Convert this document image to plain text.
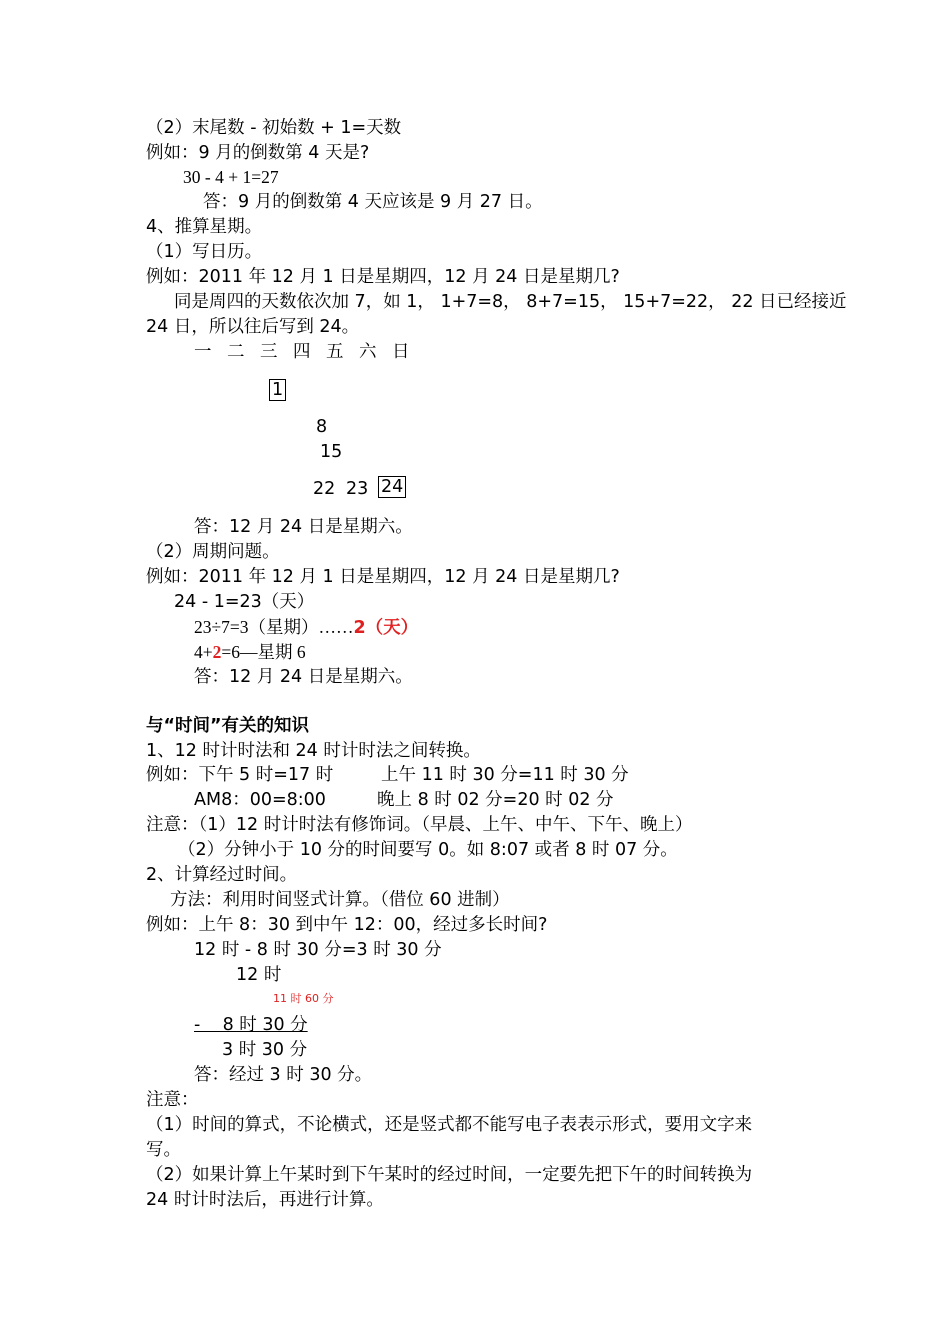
（2）末尾数 - 初始数 + 1=天数
例如：9 月的倒数第 4 天是?
30 - 4 + 1=27
答：9 月的倒数第 4 天应该是 9 月 27 日。
4、推算星期。
（1）写日历。
例如：2011 年 12 月 1 日是星期四，12 月 24 日是星期几?
同是周四的天数依次加 7，如 1， 1+7=8， 8+7=15， 15+7=22， 22 日已经接近
24 日，所以往后写到 24。
一 二 三 四 五 六 日
1
8
15
22 23 24
答：12 月 24 日是星期六。
（2）周期问题。
例如：2011 年 12 月 1 日是星期四，12 月 24 日是星期几?
24 - 1=23（天）
23÷7=3（星期）……2（天）
4+2=6—星期 6
答：12 月 24 日是星期六。
与“时间”有关的知识
1、12 时计时法和 24 时计时法之间转换。
例如：下午 5 时=17 时	上午 11 时 30 分=11 时 30 分
AM8：00=8:00	晚上 8 时 02 分=20 时 02 分
注意：（1）12 时计时法有修饰词。（早晨、上午、中午、下午、晚上）
（2）分钟小于 10 分的时间要写 0。如 8:07 或者 8 时 07 分。
2、计算经过时间。
方法：利用时间竖式计算。（借位 60 进制）
例如：上午 8：30 到中午 12：00，经过多长时间?
12 时 - 8 时 30 分=3 时 30 分
12 时
11 时 60 分
-    8 时 30 分
3 时 30 分
答：经过 3 时 30 分。
注意：
（1）时间的算式，不论横式，还是竖式都不能写电子表表示形式，要用文字来
写。
（2）如果计算上午某时到下午某时的经过时间，一定要先把下午的时间转换为
24 时计时法后，再进行计算。
